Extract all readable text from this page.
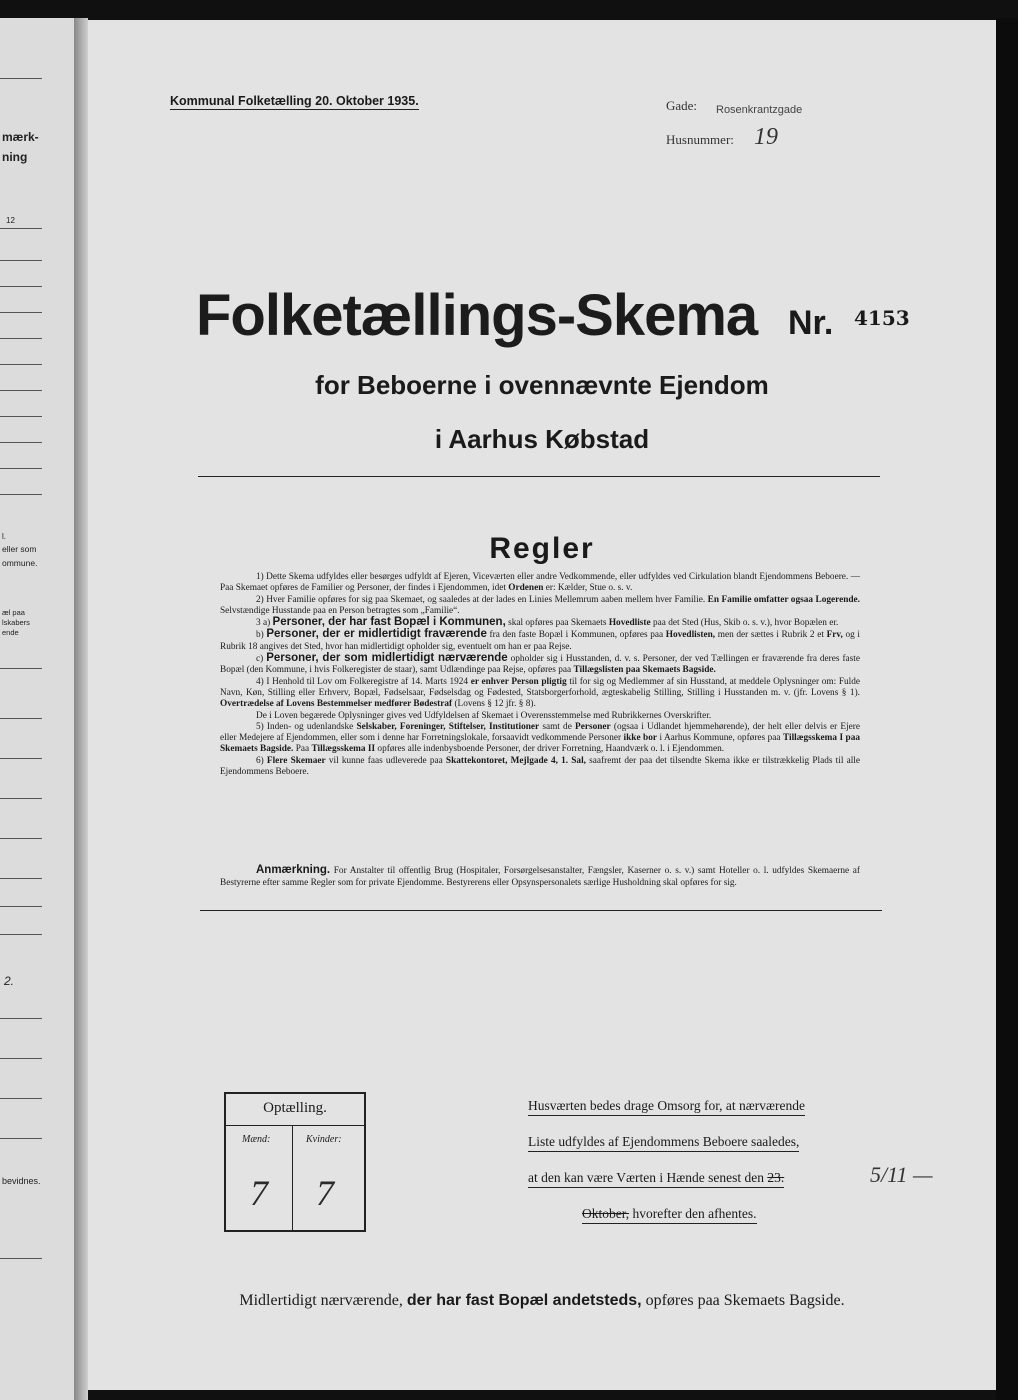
mærk-
ning
12
l.
eller som
ommune.
æl paa
lskabers
ende
2.
bevidnes.
Kommunal Folketælling 20. Oktober 1935.	Gade: Rosenkrantzgade
Husnummer: 19
Folketællings-Skema Nr. 4153
for Beboerne i ovennævnte Ejendom
i Aarhus Købstad
Regler

1) Dette Skema udfyldes eller besørges udfyldt af Ejeren, Viceværten eller andre Vedkommende, eller udfyldes ved Cirkulation blandt Ejendommens Beboere. — Paa Skemaet opføres de Familier og Personer, der findes i Ejendommen, idet Ordenen er: Kælder, Stue o. s. v.

2) Hver Familie opføres for sig paa Skemaet, og saaledes at der lades en Linies Mellemrum aaben mellem hver Familie. En Familie omfatter ogsaa Logerende. Selvstændige Husstande paa en Person betragtes som „Familie“.

3 a) Personer, der har fast Bopæl i Kommunen, skal opføres paa Skemaets Hovedliste paa det Sted (Hus, Skib o. s. v.), hvor Bopælen er.

b) Personer, der er midlertidigt fraværende fra den faste Bopæl i Kommunen, opføres paa Hovedlisten, men der sættes i Rubrik 2 et Frv, og i Rubrik 18 angives det Sted, hvor han midlertidigt opholder sig, eventuelt om han er paa Rejse.

c) Personer, der som midlertidigt nærværende opholder sig i Husstanden, d. v. s. Personer, der ved Tællingen er fraværende fra deres faste Bopæl (den Kommune, i hvis Folkeregister de staar), samt Udlændinge paa Rejse, opføres paa Tillægslisten paa Skemaets Bagside.

4) I Henhold til Lov om Folkeregistre af 14. Marts 1924 er enhver Person pligtig til for sig og Medlemmer af sin Husstand, at meddele Oplysninger om: Fulde Navn, Køn, Stilling eller Erhverv, Bopæl, Fødselsaar, Fødselsdag og Fødested, Statsborgerforhold, ægteskabelig Stilling, Stilling i Husstanden m. v. (jfr. Lovens § 1). Overtrædelse af Lovens Bestemmelser medfører Bødestraf (Lovens § 12 jfr. § 8).

De i Loven begærede Oplysninger gives ved Udfyldelsen af Skemaet i Overensstemmelse med Rubrikkernes Overskrifter.

5) Inden- og udenlandske Selskaber, Foreninger, Stiftelser, Institutioner samt de Personer (ogsaa i Udlandet hjemmehørende), der helt eller delvis er Ejere eller Medejere af Ejendommen, eller som i denne har Forretningslokale, forsaavidt vedkommende Personer ikke bor i Aarhus Kommune, opføres paa Tillægsskema I paa Skemaets Bagside. Paa Tillægsskema II opføres alle indenbysboende Personer, der driver Forretning, Haandværk o. l. i Ejendommen.

6) Flere Skemaer vil kunne faas udleverede paa Skattekontoret, Mejlgade 4, 1. Sal, saafremt der paa det tilsendte Skema ikke er tilstrækkelig Plads til alle Ejendommens Beboere.

Anmærkning. For Anstalter til offentlig Brug (Hospitaler, Forsørgelsesanstalter, Fængsler, Kaserner o. s. v.) samt Hoteller o. l. udfyldes Skemaerne af Bestyrerne efter samme Regler som for private Ejendomme. Bestyrerens eller Opsynspersonalets særlige Husholdning skal opføres for sig.
Optælling.
Mænd:	Kvinder:
7 7

Husværten bedes drage Omsorg for, at nærværende

Liste udfyldes af Ejendommens Beboere saaledes,

at den kan være Værten i Hænde senest den 23.

Oktober, hvorefter den afhentes.

5/11 —
Midlertidigt nærværende, der har fast Bopæl andetsteds, opføres paa Skemaets Bagside.
